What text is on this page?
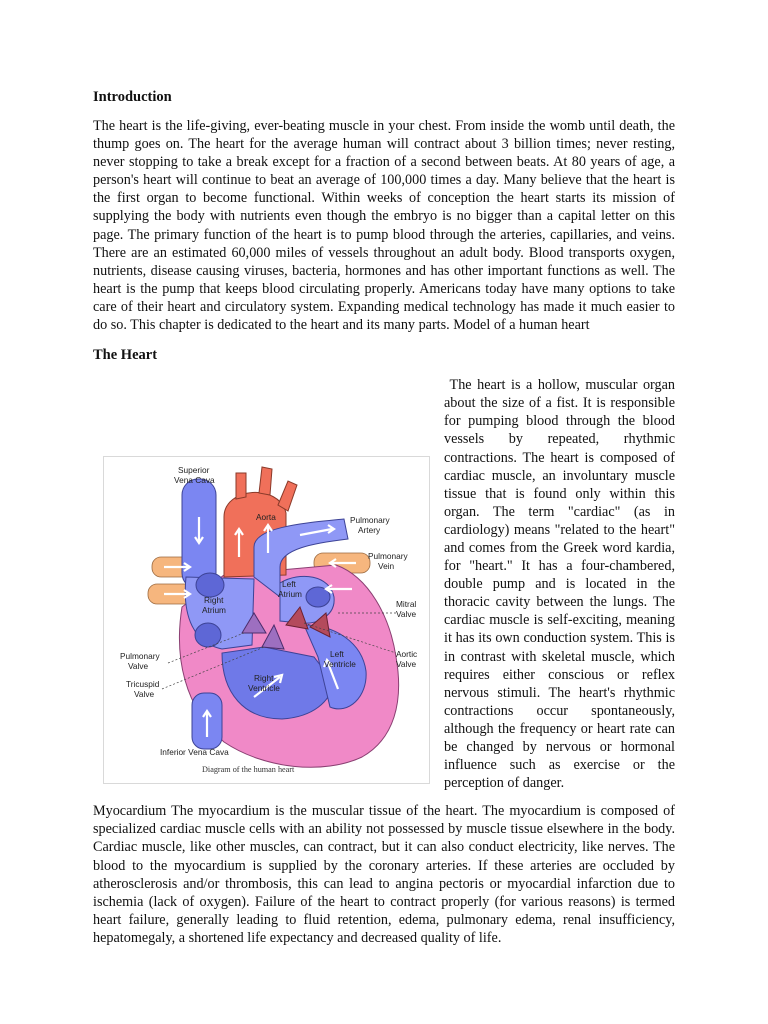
Introduction

The heart is the life-giving, ever-beating muscle in your chest. From inside the womb until death, the thump goes on. The heart for the average human will contract about 3 billion times; never resting, never stopping to take a break except for a fraction of a second between beats. At 80 years of age, a person's heart will continue to beat an average of 100,000 times a day. Many believe that the heart is the first organ to become functional. Within weeks of conception the heart starts its mission of supplying the body with nutrients even though the embryo is no bigger than a capital letter on this page. The primary function of the heart is to pump blood through the arteries, capillaries, and veins. There are an estimated 60,000 miles of vessels throughout an adult body. Blood transports oxygen, nutrients, disease causing viruses, bacteria, hormones and has other important functions as well. The heart is the pump that keeps blood circulating properly. Americans today have many options to take care of their heart and circulatory system. Expanding medical technology has made it much easier to do so. This chapter is dedicated to the heart and its many parts. Model of a human heart

The Heart
Superior
Vena Cava
Aorta	Pulmonary
Artery
Pulmonary
Vein
Left
Atrium
Right
Atrium
Mitral
Valve
Pulmonary
Valve
Aortic
Valve
Left
Ventricle
Right
Ventricle
Tricuspid
Valve
Inferior Vena Cava
Diagram of the human heart

The heart is a hollow, muscular organ about the size of a fist. It is responsible for pumping blood through the blood vessels by repeated, rhythmic contractions. The heart is composed of cardiac muscle, an involuntary muscle tissue that is found only within this organ. The term "cardiac" (as in cardiology) means "related to the heart" and comes from the Greek word kardia, for "heart." It has a four-chambered, double pump and is located in the thoracic cavity between the lungs. The cardiac muscle is self-exciting, meaning it has its own conduction system. This is in contrast with skeletal muscle, which requires either conscious or reflex nervous stimuli. The heart's rhythmic contractions occur spontaneously, although the frequency or heart rate can be changed by nervous or hormonal influence such as exercise or the perception of danger.

Myocardium The myocardium is the muscular tissue of the heart. The myocardium is composed of specialized cardiac muscle cells with an ability not possessed by muscle tissue elsewhere in the body. Cardiac muscle, like other muscles, can contract, but it can also conduct electricity, like nerves. The blood to the myocardium is supplied by the coronary arteries. If these arteries are occluded by atherosclerosis and/or thrombosis, this can lead to angina pectoris or myocardial infarction due to ischemia (lack of oxygen). Failure of the heart to contract properly (for various reasons) is termed heart failure, generally leading to fluid retention, edema, pulmonary edema, renal insufficiency, hepatomegaly, a shortened life expectancy and decreased quality of life.
